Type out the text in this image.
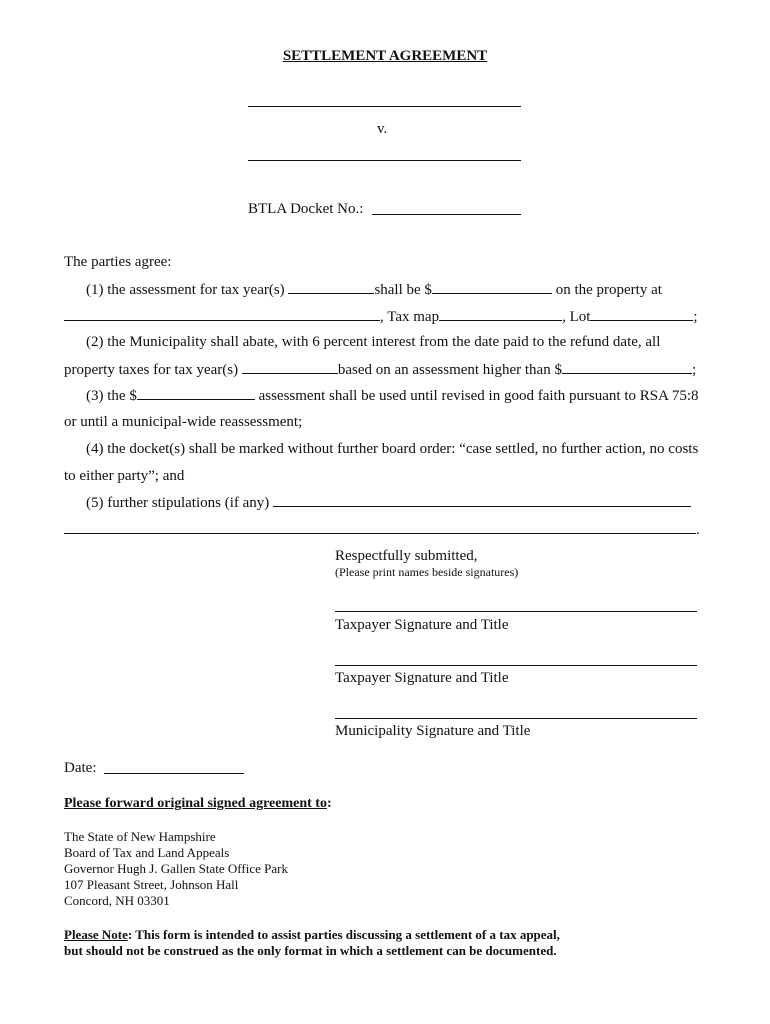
SETTLEMENT AGREEMENT
v.
BTLA Docket No.:
The parties agree:
(1) the assessment for tax year(s)	shall be $	on the property at
, Tax map	, Lot	;
(2) the Municipality shall abate, with 6 percent interest from the date paid to the refund date, all
property taxes for tax year(s)	based on an assessment higher than $	;
(3) the $	assessment shall be used until revised in good faith pursuant to RSA 75:8
or until a municipal-wide reassessment;
(4) the docket(s) shall be marked without further board order: “case settled, no further action, no costs
to either party”; and
(5) further stipulations (if any)
.
Respectfully submitted,
(Please print names beside signatures)
Taxpayer Signature and Title
Taxpayer Signature and Title
Municipality Signature and Title
Date:
Please forward original signed agreement to:
The State of New Hampshire
Board of Tax and Land Appeals
Governor Hugh J. Gallen State Office Park
107 Pleasant Street, Johnson Hall
Concord, NH 03301
Please Note: This form is intended to assist parties discussing a settlement of a tax appeal,
but should not be construed as the only format in which a settlement can be documented.
